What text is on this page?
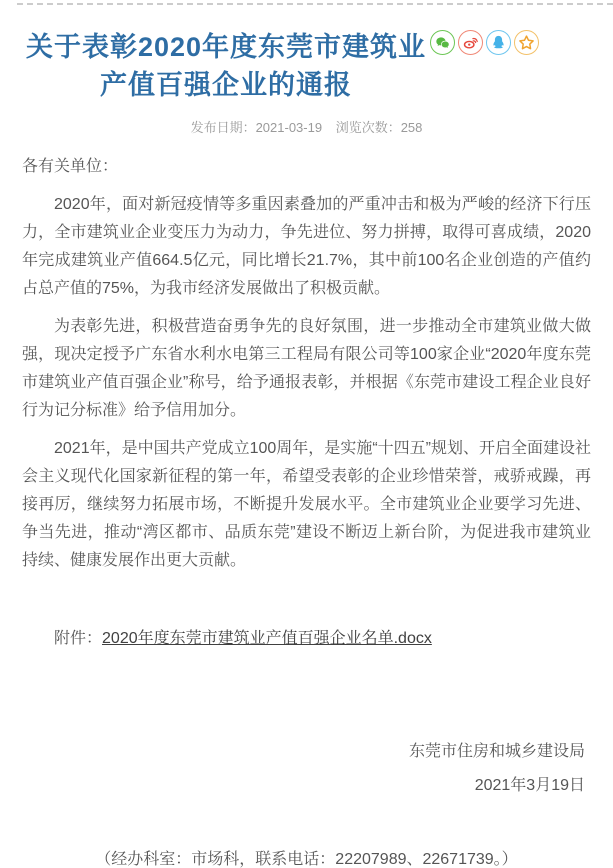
关于表彰2020年度东莞市建筑业产值百强企业的通报
发布日期：2021-03-19 浏览次数：258

各有关单位：

2020年，面对新冠疫情等多重因素叠加的严重冲击和极为严峻的经济下行压力，全市建筑业企业变压力为动力，争先进位、努力拼搏，取得可喜成绩，2020年完成建筑业产值664.5亿元，同比增长21.7%，其中前100名企业创造的产值约占总产值的75%，为我市经济发展做出了积极贡献。

为表彰先进，积极营造奋勇争先的良好氛围，进一步推动全市建筑业做大做强，现决定授予广东省水利水电第三工程局有限公司等100家企业“2020年度东莞市建筑业产值百强企业”称号，给予通报表彰，并根据《东莞市建设工程企业良好行为记分标准》给予信用加分。

2021年，是中国共产党成立100周年，是实施“十四五”规划、开启全面建设社会主义现代化国家新征程的第一年，希望受表彰的企业珍惜荣誉，戒骄戒躁，再接再厉，继续努力拓展市场，不断提升发展水平。全市建筑业企业要学习先进、争当先进，推动“湾区都市、品质东莞”建设不断迈上新台阶，为促进我市建筑业持续、健康发展作出更大贡献。

附件：2020年度东莞市建筑业产值百强企业名单.docx

东莞市住房和城乡建设局

2021年3月19日

（经办科室：市场科，联系电话：22207989、22671739。）
